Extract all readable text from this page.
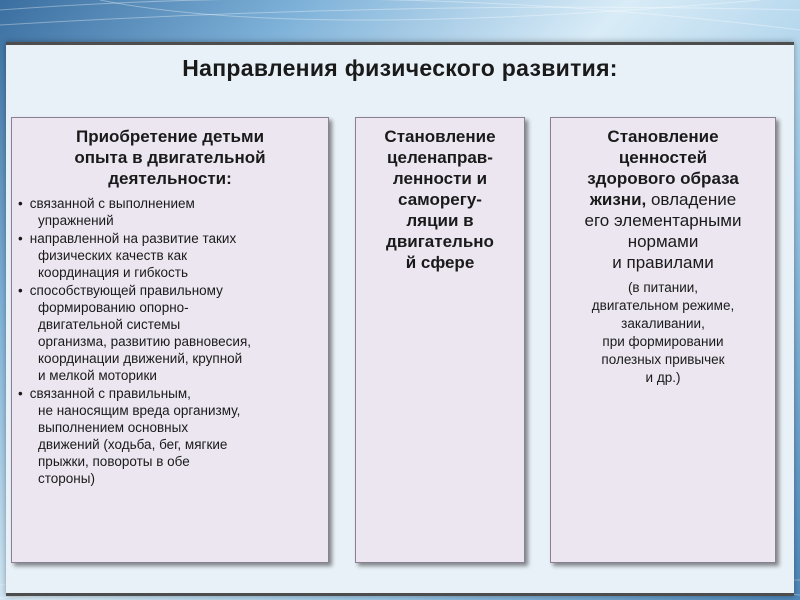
Направления физического развития:
Приобретение детьми
опыта в двигательной
деятельности:
• связанной с выполнением
упражнений
• направленной на развитие таких
физических качеств как
координация и гибкость
• способствующей правильному
формированию опорно-
двигательной системы
организма, развитию равновесия,
координации движений, крупной
и мелкой моторики
• связанной с правильным,
не наносящим вреда организму,
выполнением основных
движений (ходьба, бег, мягкие
прыжки, повороты в обе
стороны)
Становление
целенаправ-
ленности и
саморегу-
ляции в
двигательно
й сфере
Становление
ценностей
здорового образа
жизни, овладение
его элементарными
нормами
и правилами
(в питании,
двигательном режиме,
закаливании,
при формировании
полезных привычек
и др.)
